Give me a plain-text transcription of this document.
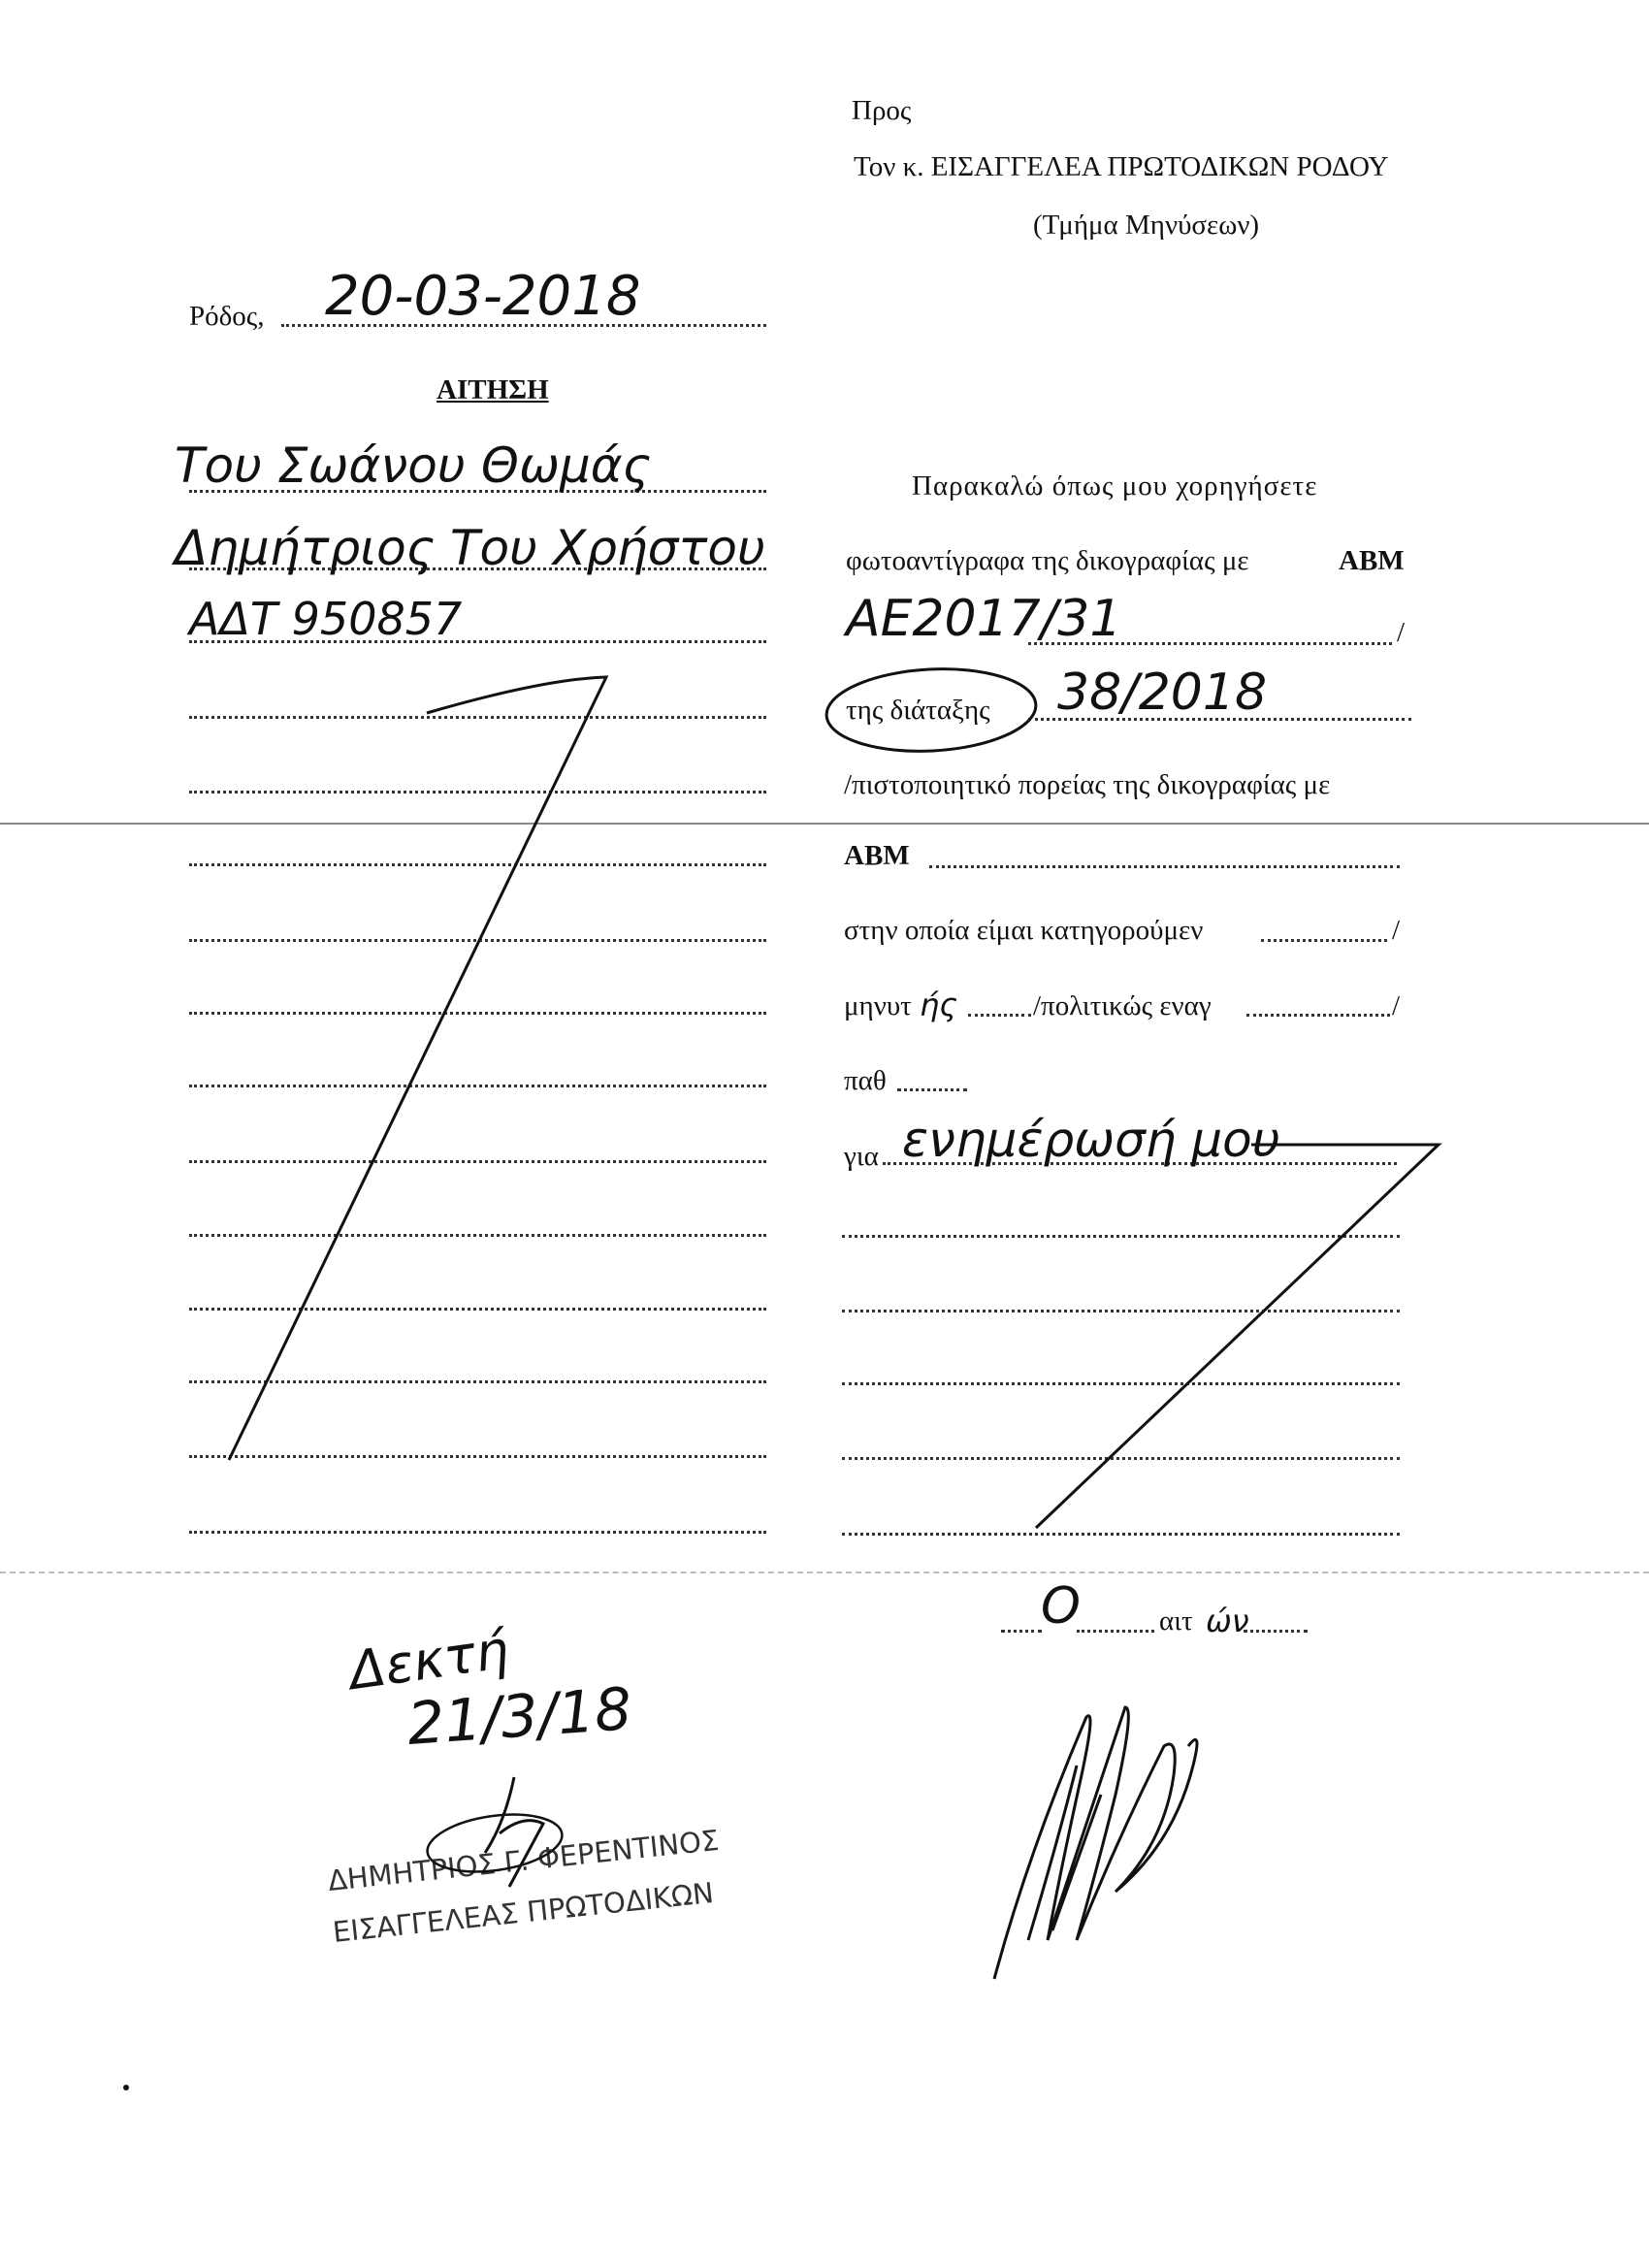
Προς
Τον κ. ΕΙΣΑΓΓΕΛΕΑ ΠΡΩΤΟΔΙΚΩΝ ΡΟΔΟΥ
(Τμήμα Μηνύσεων)
Ρόδος, 20-03-2018
ΑΙΤΗΣΗ
Του Σωάνου Θωμάς
Δημήτριος Του Χρήστου
ΑΔΤ 950857
Παρακαλώ όπως μου χορηγήσετε
φωτοαντίγραφα της δικογραφίας με	ΑΒΜ
ΑΕ2017/31	/
της διάταξης 38/2018
/πιστοποιητικό πορείας της δικογραφίας με
ΑΒΜ
στην οποία είμαι κατηγορούμεν	/
μηνυτ ής	/πολιτικώς εναγ	/
παθ
για ενημέρωσή μου
Ο	αιτ ών
Δεκτή
21/3/18
ΔΗΜΗΤΡΙΟΣ Γ. ΦΕΡΕΝΤΙΝΟΣ
ΕΙΣΑΓΓΕΛΕΑΣ ΠΡΩΤΟΔΙΚΩΝ
